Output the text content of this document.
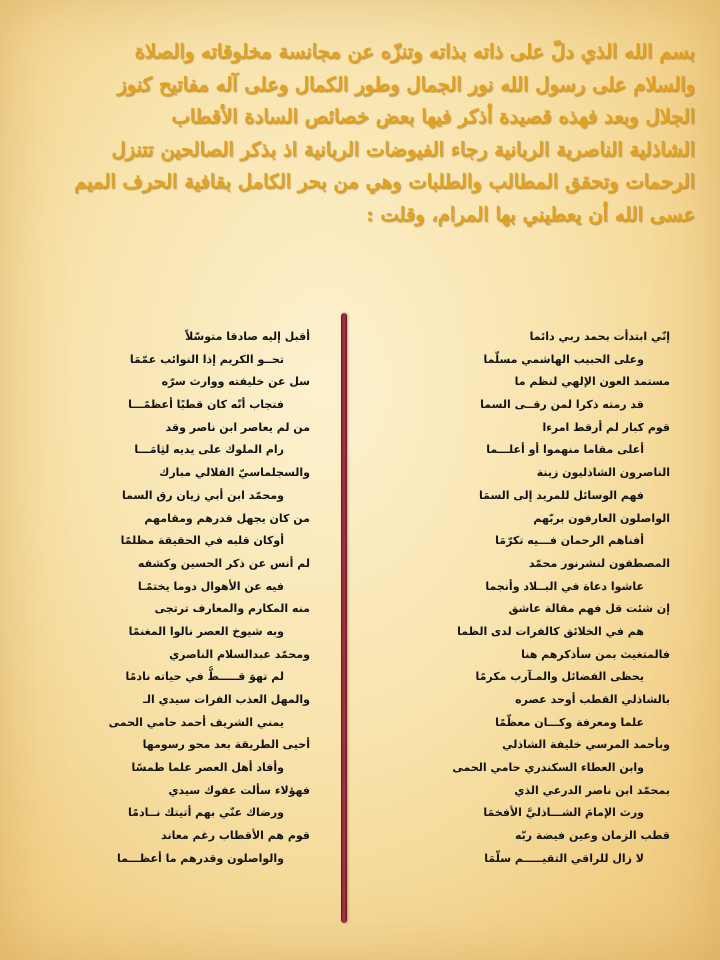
بسم الله الذي دلّ على ذاته بذاته وتنزّه عن مجانسة مخلوقاته والصلاة
والسلام على رسول الله نور الجمال وطور الكمال وعلى آله مفاتيح كنوز
الجلال وبعد فهذه قصيدة أذكر فيها بعض خصائص السادة الأقطاب
الشاذلية الناصرية الربانية رجاء الفيوضات الربانية اذ بذكر الصالحين تتنزل
الرحمات وتحقق المطالب والطلبات وهي من بحر الكامل بقافية الحرف الميم
عسى الله أن يعطيني بها المرام، وقلت :
إنّي ابتدأت بحمد ربي دائما
وعلى الحبيب الهاشمي مسلّما
مستمد العون الإلهي لنظم ما
قد رمته ذكرا لمن رقــى السما
قوم كبار لم أرقط امرءا
أعلى مقاما منهموا أو أعلـــما
الناصرون الشاذليون زينة
فهم الوسائل للمريد إلى السمَا
الواصلون العارفون بربّهم
أفناهم الرحمان فـــيه تكرّمَا
المصطفون لنشرنور محمّد
عاشوا دعاة في البــلاد وأنجما
إن شئت قل فهم مقالة عاشق
هم في الخلائق كالفرات لدى الظما
فالمتغيث بمن سأذكرهم هنا
يحظى الفضائل والمـآرب مكرمًا
بالشاذلي القطب أوحد عصره
علما ومعرفة وكـــان معظّمًا
وبأحمد المرسي خليفة الشاذلي
وابن العطاء السكندري حامي الحمى
بمحمّد ابن ناصر الدرعي الذي
ورث الإمامَ الشـــاذليَّ الأفخمَا
قطب الزمان وعين فيضة ربّه
لا زال للراقي التقيـــــم سلّمَا
أقبل إليه صادقا متوسّلاً
تحــو الكريم إذا النوائب عمّمَا
سل عن خليفته ووارث سرّه
فتجاب أنّه كان قطبًا أعظمًـــا
من لم يعاصر ابن ناصر وقد
رام الملوك على يديه لثِامَـــا
والسجلماسيّ الفلالي مبارك
ومحمّد ابن أبي زيان رق السما
من كان يجهل قدرهم ومقامهم
أوكان قلبه في الحقيقة مظلمًا
لم أنس عن ذكر الحسين وكشفه
فيه عن الأهوال دوما يختمًـا
منه المكارم والمعارف ترتجى
وبه شيوخ العصر نالوا المغنمًا
ومحمّد عبدالسلام الناصري
لم تهوَ قـــــطُّ في حياته نادمًا
والمهل العذب الفرات سيدي الـ
يمني الشريف أحمد حامي الحمى
أحيى الطريقة بعد محو رسومها
وأفاد أهل العصر علما طمسًا
فهؤلاء سألت عفوك سيدي
ورضاك عنّي بهم أتيتك نــادمًا
قوم هم الأقطاب رغم معاند
والواصلون وقدرهم ما أعظـــما
